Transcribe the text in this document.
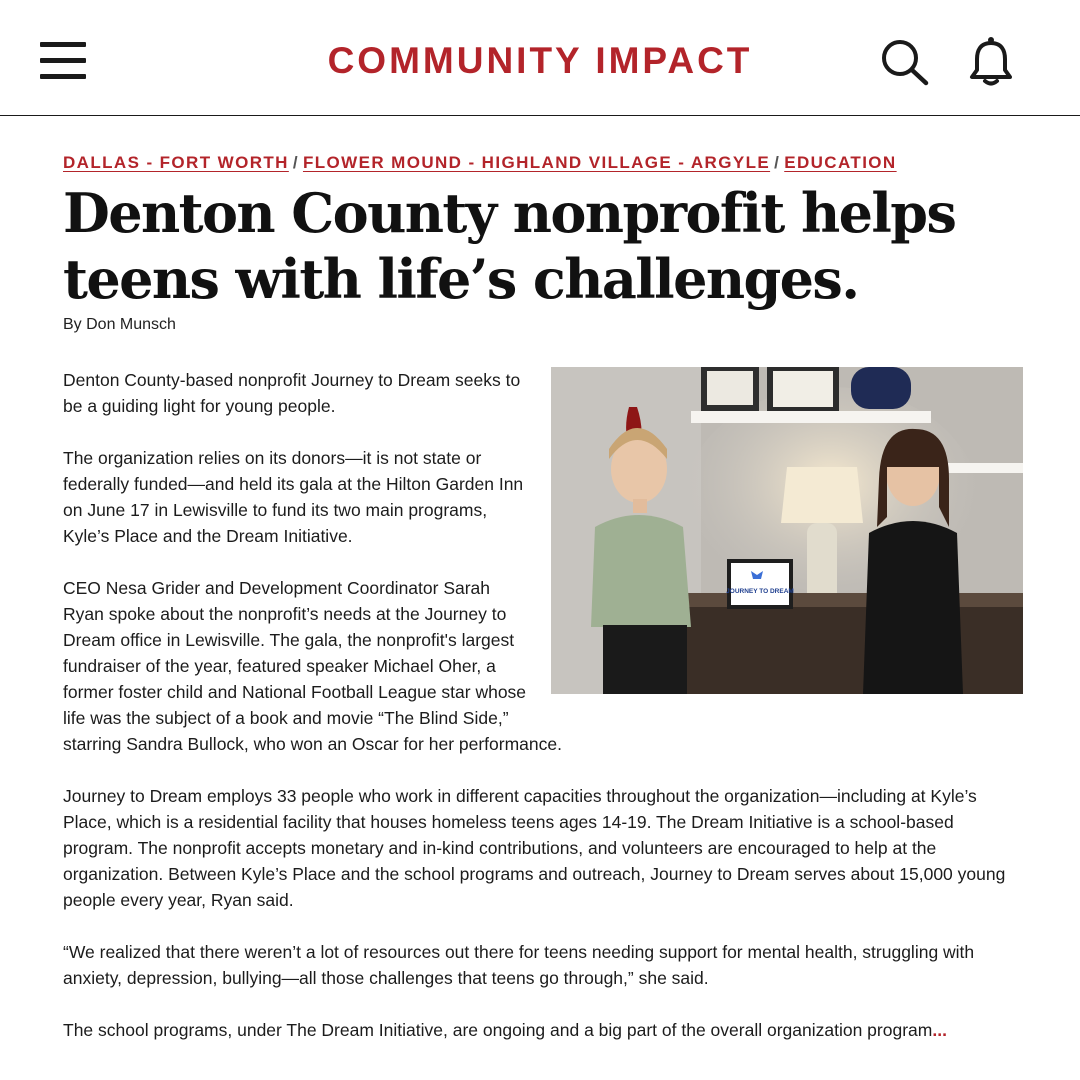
COMMUNITY IMPACT
DALLAS - FORT WORTH / FLOWER MOUND - HIGHLAND VILLAGE - ARGYLE / EDUCATION
Denton County nonprofit helps teens with life’s challenges.
By Don Munsch
JOURNEY TO DREAM

Denton County-based nonprofit Journey to Dream seeks to be a guiding light for young people.

The organization relies on its donors—it is not state or federally funded—and held its gala at the Hilton Garden Inn on June 17 in Lewisville to fund its two main programs, Kyle’s Place and the Dream Initiative.

CEO Nesa Grider and Development Coordinator Sarah Ryan spoke about the nonprofit’s needs at the Journey to Dream office in Lewisville. The gala, the nonprofit's largest fundraiser of the year, featured speaker Michael Oher, a former foster child and National Football League star whose life was the subject of a book and movie “The Blind Side,” starring Sandra Bullock, who won an Oscar for her performance.

Journey to Dream employs 33 people who work in different capacities throughout the organization—including at Kyle’s Place, which is a residential facility that houses homeless teens ages 14-19. The Dream Initiative is a school-based program. The nonprofit accepts monetary and in-kind contributions, and volunteers are encouraged to help at the organization. Between Kyle’s Place and the school programs and outreach, Journey to Dream serves about 15,000 young people every year, Ryan said.

“We realized that there weren’t a lot of resources out there for teens needing support for mental health, struggling with anxiety, depression, bullying—all those challenges that teens go through,” she said.

The school programs, under The Dream Initiative, are ongoing and a big part of the overall organization program...
